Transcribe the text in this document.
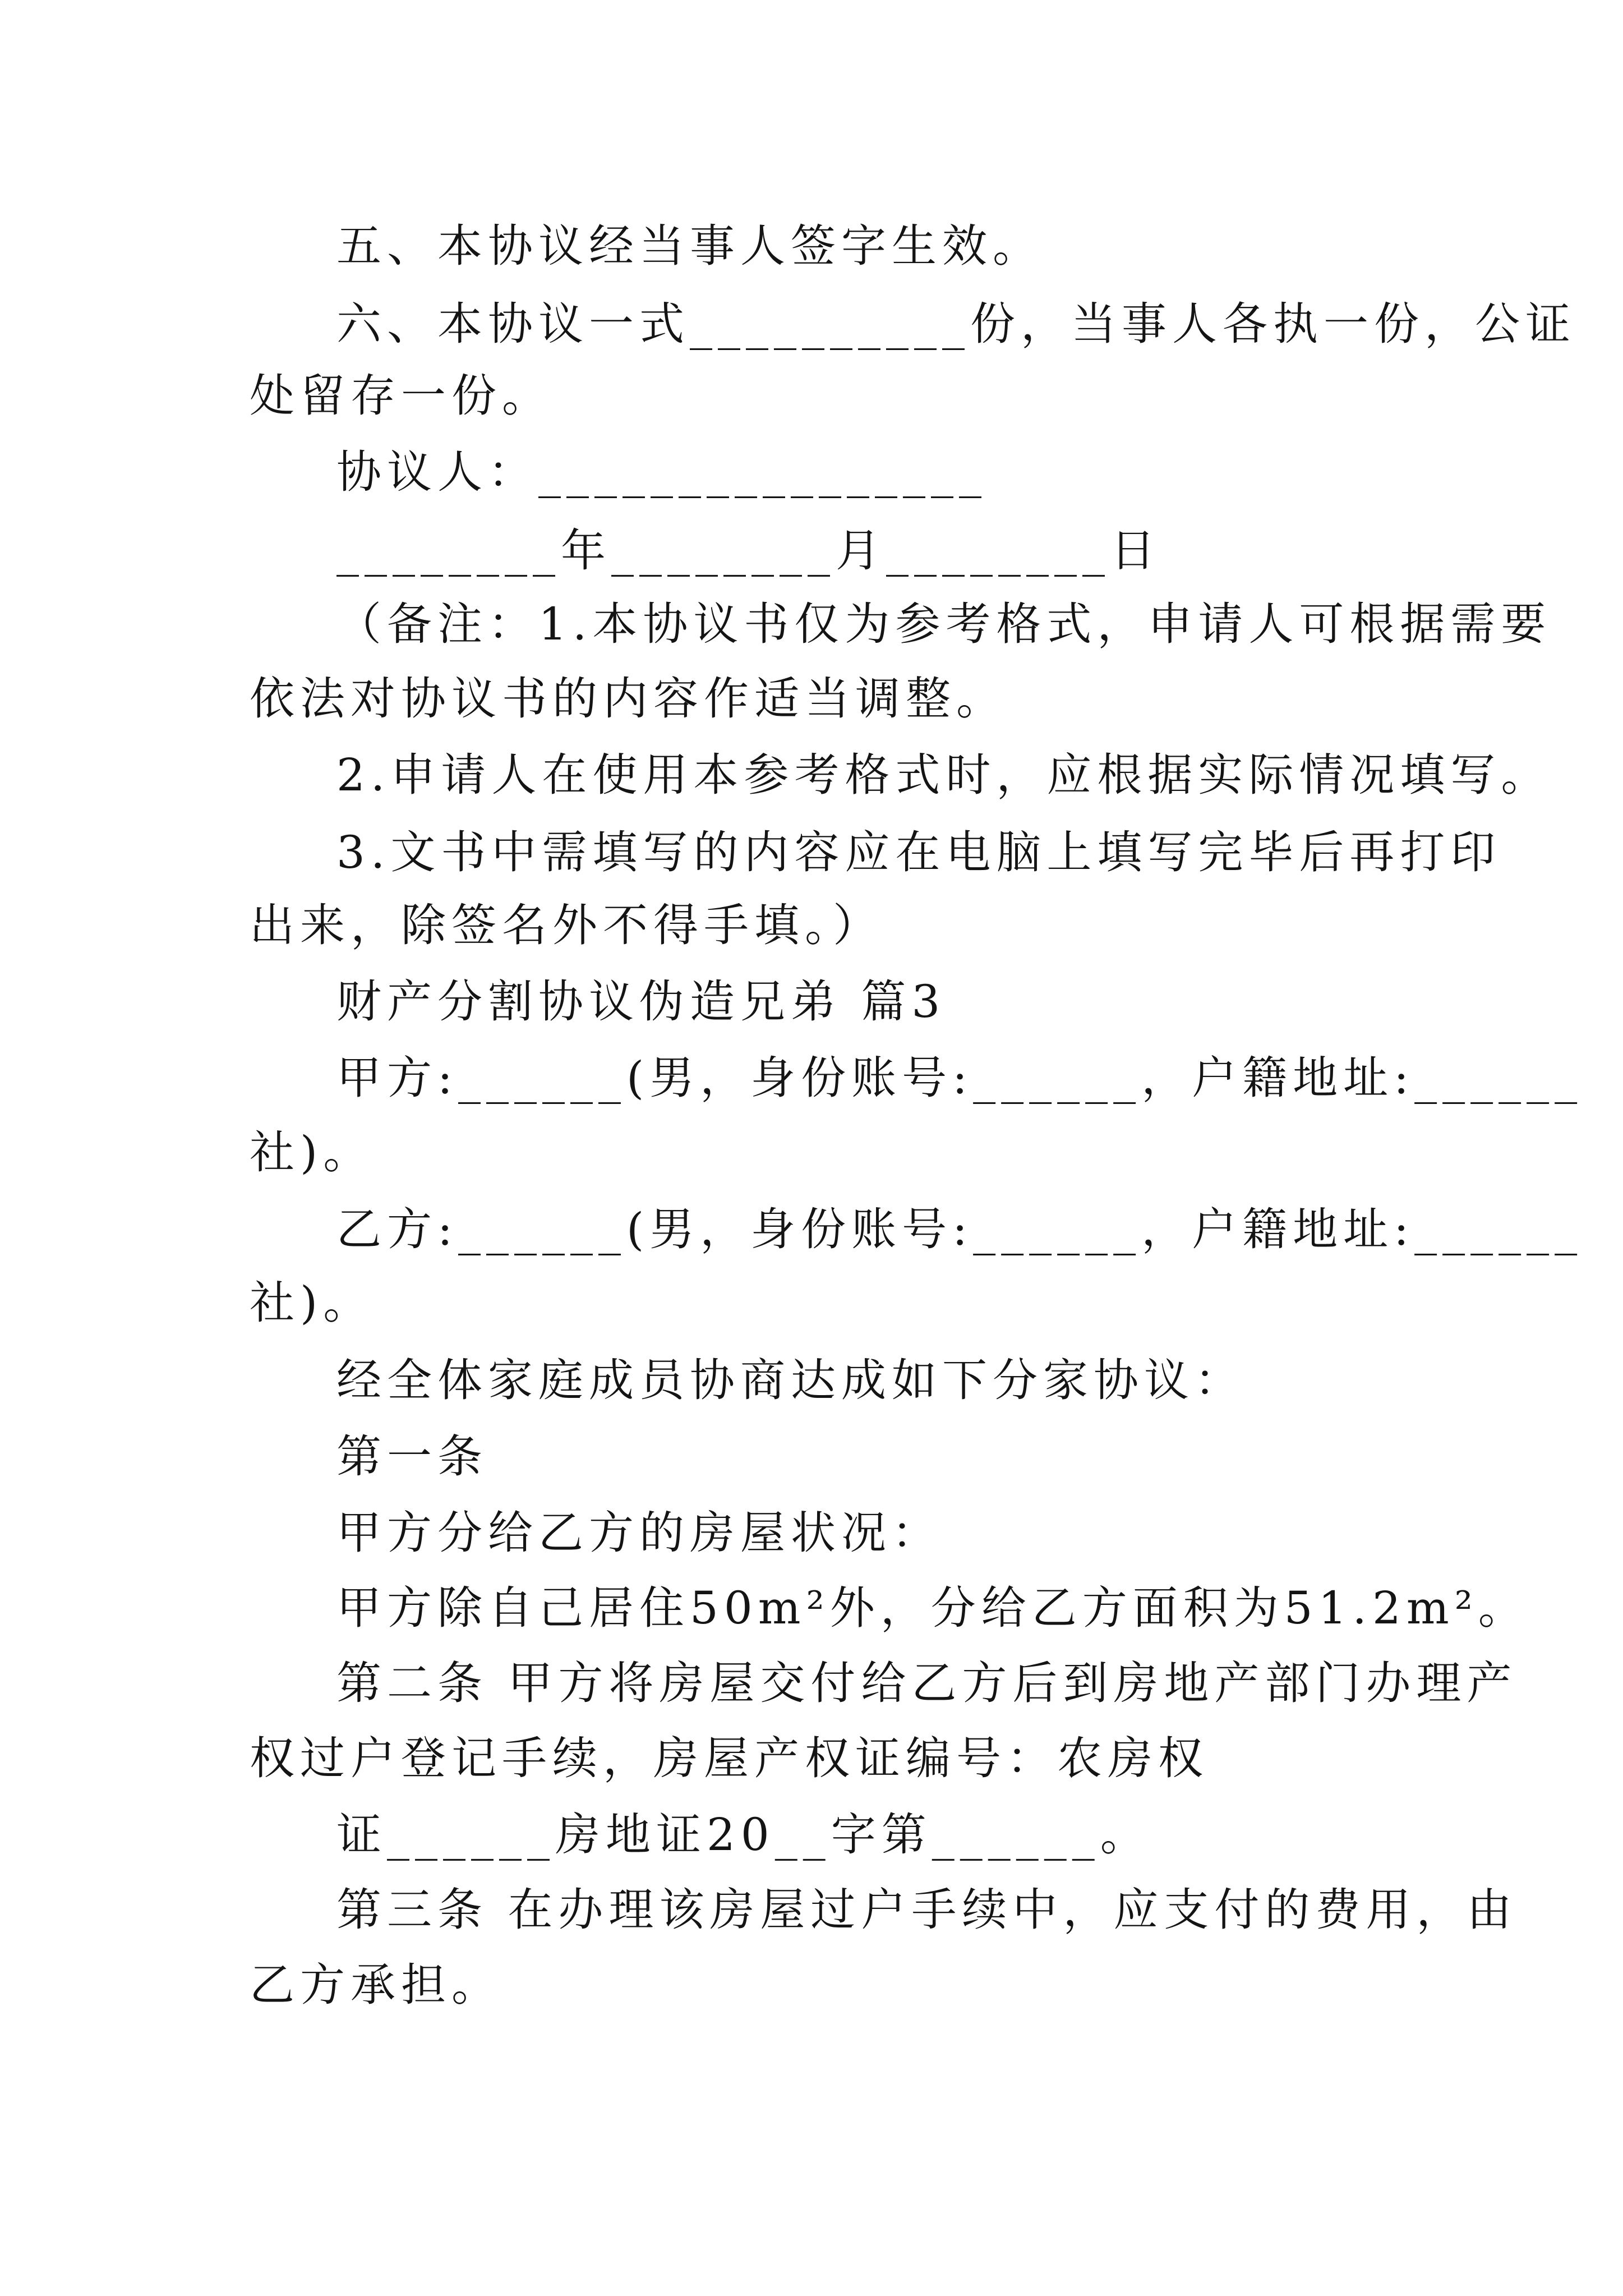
五、本协议经当事人签字生效。
六、本协议一式__________份，当事人各执一份，公证
处留存一份。
协议人：________________
________年________月________日
（备注：1.本协议书仅为参考格式，申请人可根据需要
依法对协议书的内容作适当调整。
2.申请人在使用本参考格式时，应根据实际情况填写。
3.文书中需填写的内容应在电脑上填写完毕后再打印
出来，除签名外不得手填。）
财产分割协议伪造兄弟 篇3
甲方:______(男，身份账号:______，户籍地址:______
社)。
乙方:______(男，身份账号:______，户籍地址:______
社)。
经全体家庭成员协商达成如下分家协议：
第一条
甲方分给乙方的房屋状况：
甲方除自己居住50m²外，分给乙方面积为51.2m²。
第二条 甲方将房屋交付给乙方后到房地产部门办理产
权过户登记手续，房屋产权证编号：农房权
证______房地证20__字第______。
第三条 在办理该房屋过户手续中，应支付的费用，由
乙方承担。
